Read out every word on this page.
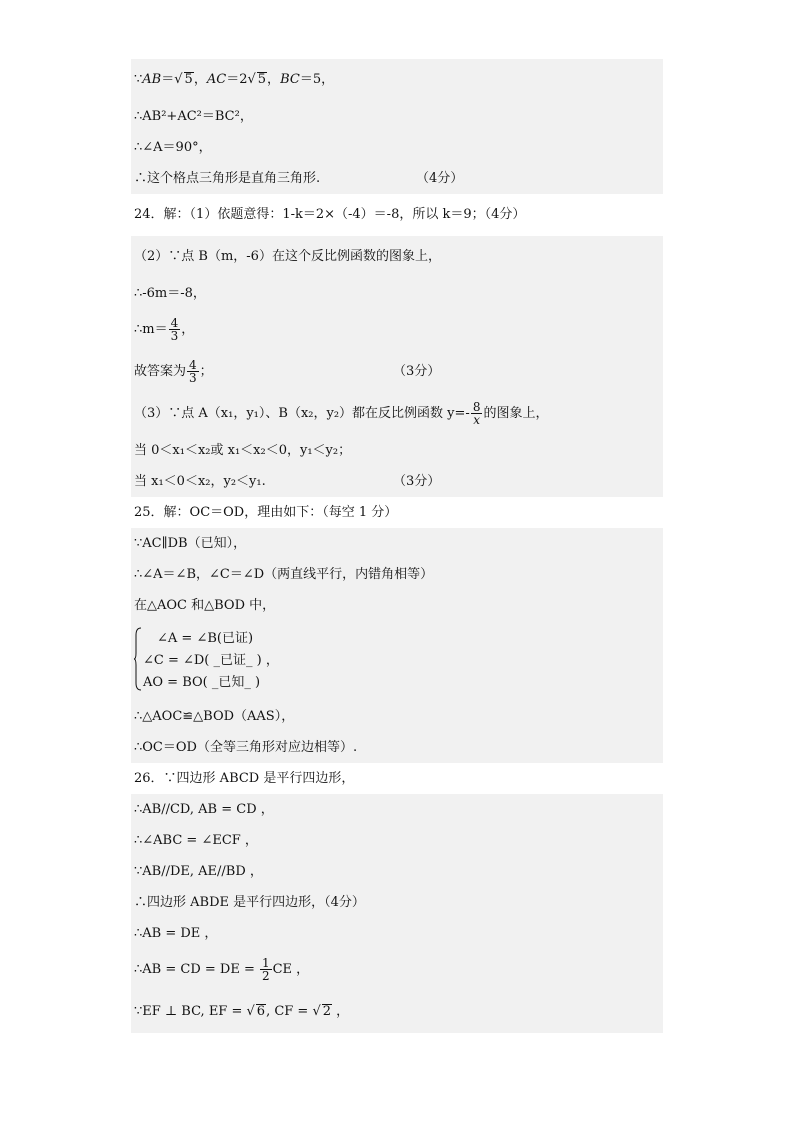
∵AB＝√ 5，AC＝2√ 5，BC＝5，
∴AB²+AC²＝BC²，
∴∠A＝90°，
∴这个格点三角形是直角三角形.	（4分）
24．解：（1）依题意得：1-k＝2×（-4）＝-8，所以 k＝9；（4分）
（2）∵点 B（m，-6）在这个反比例函数的图象上，
∴-6m＝-8，
∴m＝ $\frac{4}{3}$ ，
故答案为 $\frac{4}{3}$ ；	（3分）
（3）∵点 A（x₁，y₁）、B（x₂，y₂）都在反比例函数 $y=- \frac{8}{x}$ 的图象上，
当 0＜x₁＜x₂或 x₁＜x₂＜0，y₁＜y₂；
当 x₁＜0＜x₂，y₂＜y₁.	（3分）
25．解：OC＝OD，理由如下：（每空 1 分）
∵AC∥DB（已知），
∴∠A＝∠B，∠C＝∠D（两直线平行，内错角相等）
在△AOC 和△BOD 中，
∠A = ∠B(已证)
∠C = ∠D( _已证_ ) ，
AO = BO( _已知_ )
∴△AOC≌△BOD（AAS），
∴OC＝OD（全等三角形对应边相等）.
26．∵四边形 ABCD 是平行四边形，
∴AB//CD, AB = CD ，
∴∠ABC = ∠ECF ，
∵AB//DE, AE//BD ，
∴四边形 ABDE 是平行四边形，（4分）
∴AB = DE ，
∴AB = CD = DE = $\frac{1}{2}$ CE ，
∵EF ⊥ BC, EF = √ 6, CF = √ 2 ，
